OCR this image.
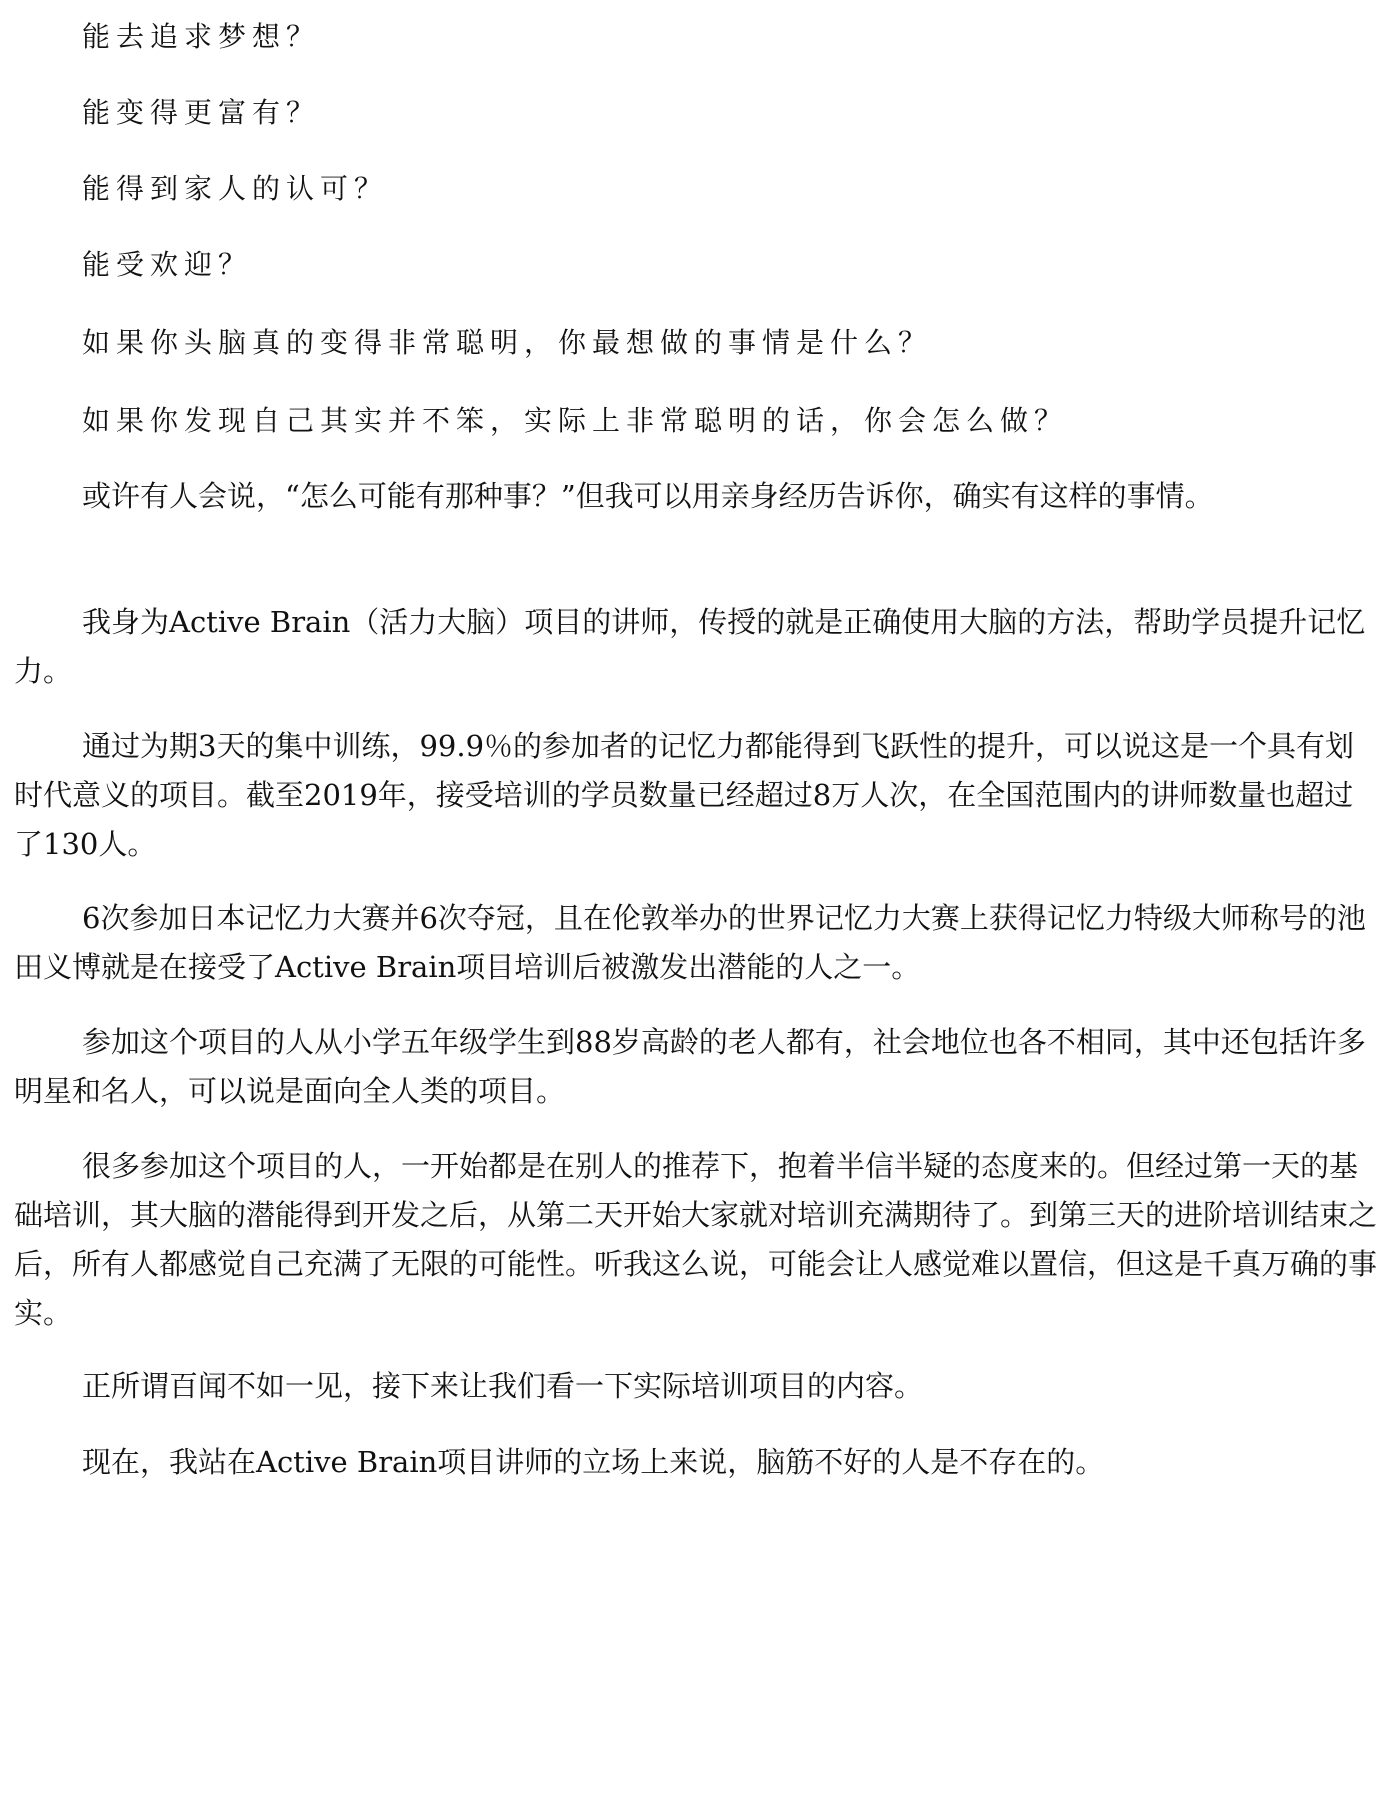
能去追求梦想？

能变得更富有？

能得到家人的认可？

能受欢迎？

如果你头脑真的变得非常聪明，你最想做的事情是什么？

如果你发现自己其实并不笨，实际上非常聪明的话，你会怎么做？

或许有人会说，“怎么可能有那种事？”但我可以用亲身经历告诉你，确实有这样的事情。

我身为Active Brain（活力大脑）项目的讲师，传授的就是正确使用大脑的方法，帮助学员提升记忆力。

通过为期3天的集中训练，99.9％的参加者的记忆力都能得到飞跃性的提升，可以说这是一个具有划时代意义的项目。截至2019年，接受培训的学员数量已经超过8万人次，在全国范围内的讲师数量也超过了130人。

6次参加日本记忆力大赛并6次夺冠，且在伦敦举办的世界记忆力大赛上获得记忆力特级大师称号的池田义博就是在接受了Active Brain项目培训后被激发出潜能的人之一。

参加这个项目的人从小学五年级学生到88岁高龄的老人都有，社会地位也各不相同，其中还包括许多明星和名人，可以说是面向全人类的项目。

很多参加这个项目的人，一开始都是在别人的推荐下，抱着半信半疑的态度来的。但经过第一天的基础培训，其大脑的潜能得到开发之后，从第二天开始大家就对培训充满期待了。到第三天的进阶培训结束之后，所有人都感觉自己充满了无限的可能性。听我这么说，可能会让人感觉难以置信，但这是千真万确的事实。

正所谓百闻不如一见，接下来让我们看一下实际培训项目的内容。

现在，我站在Active Brain项目讲师的立场上来说，脑筋不好的人是不存在的。
